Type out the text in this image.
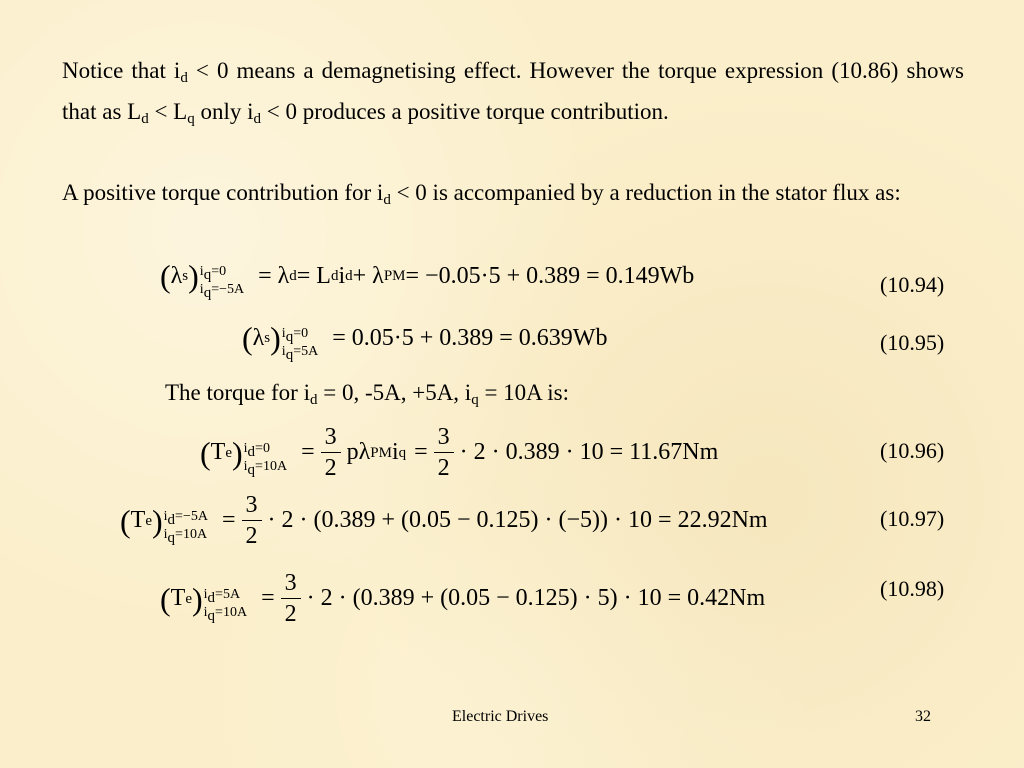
Notice that $i_d < 0$ means a demagnetising effect. However the torque expression (10.86) shows that as $L_d < L_q$ only $i_d < 0$ produces a positive torque contribution.
A positive torque contribution for $i_d < 0$ is accompanied by a reduction in the stator flux as:
( λ s ) $i_q=0$
$i_q=-5A$
= λ d = L d i d + λ PM = −0.05·5 + 0.389 = 0.149Wb	(10.94)
( λ s ) $i_q=0$
$i_q=5A$
= 0.05·5 + 0.389 = 0.639Wb	(10.95)
The torque for $i_d = 0$, -5A, +5A, $i_q = 10A$ is:
( T e ) $i_d=0$
$i_q=10A$
= $\frac{3}{2}$ pλ PM i $q = \frac{3}{2} \cdot 2 \cdot 0.389 \cdot 10 = 11.67Nm$	(10.96)
( T e ) $i_d=-5A$
$i_q=10A$
= $\frac{3}{2} \cdot 2 \cdot (0.389 + (0.05 - 0.125) \cdot (-5)) \cdot 10 = 22.92Nm$	(10.97)
( T e ) $i_d=5A$
$i_q=10A$
= $\frac{3}{2} \cdot 2 \cdot (0.389 + (0.05 - 0.125) \cdot 5) \cdot 10 = 0.42Nm$	(10.98)
Electric Drives	32
